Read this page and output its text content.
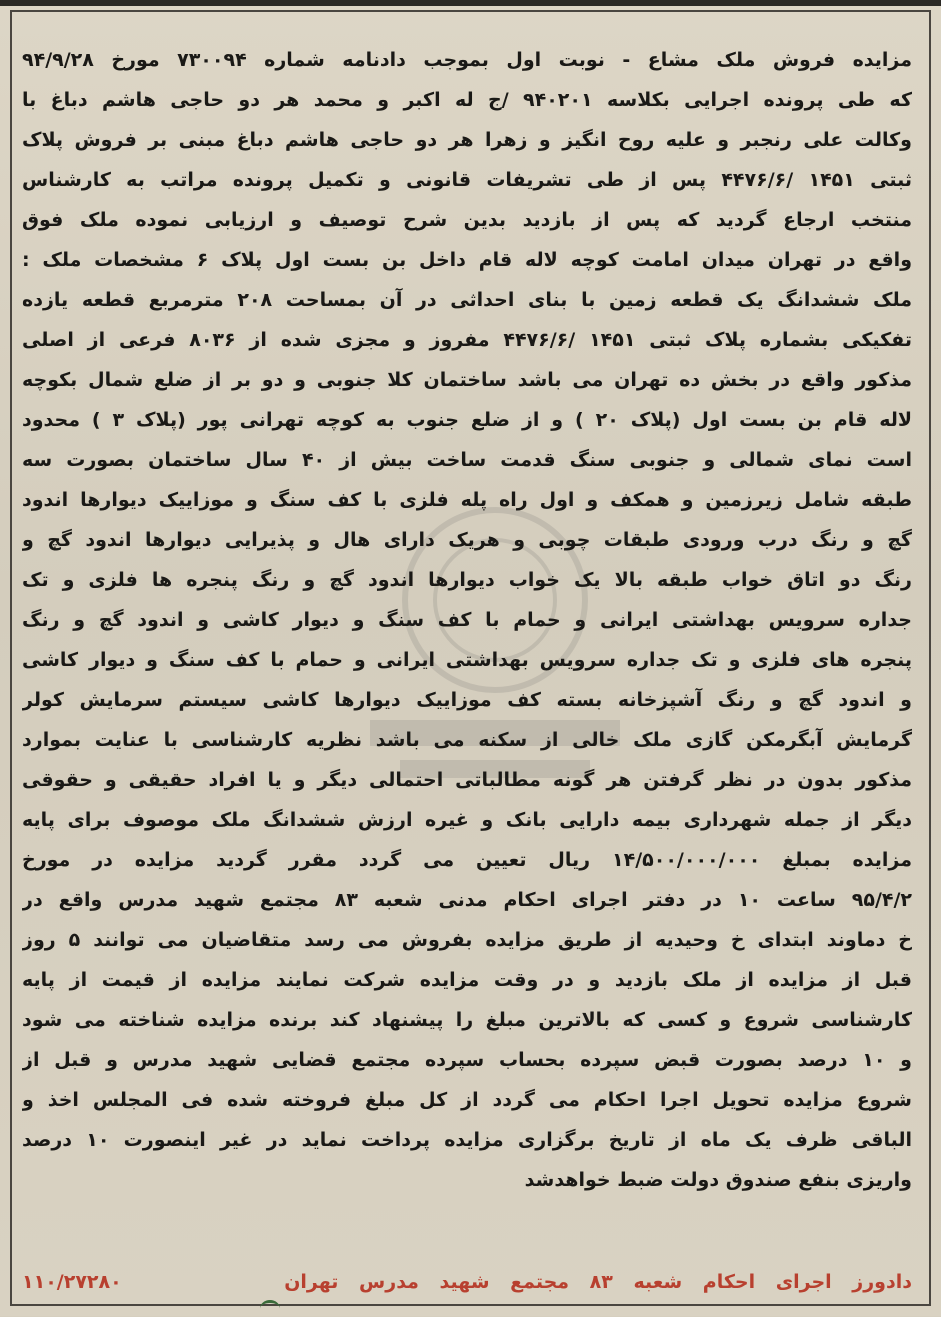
مزایده فروش ملک مشاع - نوبت اول بموجب دادنامه شماره ۷۳۰۰۹۴ مورخ ۹۴/۹/۲۸
که طی پرونده اجرایی بکلاسه ۹۴۰۲۰۱ /ج له اکبر و محمد هر دو حاجی هاشم دباغ با
وکالت علی رنجبر و علیه روح انگیز و زهرا هر دو حاجی هاشم دباغ مبنی بر فروش پلاک
ثبتی ۱۴۵۱ /۴۴۷۶/۶ پس از طی تشریفات قانونی و تکمیل پرونده مراتب به کارشناس
منتخب ارجاع گردید که پس از بازدید بدین شرح توصیف و ارزیابی نموده ملک فوق
واقع در تهران میدان امامت کوچه لاله قام داخل بن بست اول پلاک ۶ مشخصات ملک :
ملک ششدانگ یک قطعه زمین با بنای احداثی در آن بمساحت ۲۰۸ مترمربع قطعه یازده
تفکیکی بشماره پلاک ثبتی ۱۴۵۱ /۴۴۷۶/۶ مفروز و مجزی شده از ۸۰۳۶ فرعی از اصلی
مذکور واقع در بخش ده تهران می باشد ساختمان کلا جنوبی و دو بر از ضلع شمال بکوچه
لاله قام بن بست اول (پلاک ۲۰ ) و از ضلع جنوب به کوچه تهرانی پور (پلاک ۳ ) محدود
است نمای شمالی و جنوبی سنگ قدمت ساخت بیش از ۴۰ سال ساختمان بصورت سه
طبقه شامل زیرزمین و همکف و اول راه پله فلزی با کف سنگ و موزاییک دیوارها اندود
گچ و رنگ درب ورودی طبقات چوبی و هریک دارای هال و پذیرایی دیوارها اندود گچ و
رنگ دو اتاق خواب طبقه بالا یک خواب دیوارها اندود گچ و رنگ پنجره ها فلزی و تک
جداره سرویس بهداشتی ایرانی و حمام با کف سنگ و دیوار کاشی و اندود گچ و رنگ
پنجره های فلزی و تک جداره سرویس بهداشتی ایرانی و حمام با کف سنگ و دیوار کاشی
و اندود گچ و رنگ آشپزخانه بسته کف موزاییک دیوارها کاشی سیستم سرمایش کولر
گرمایش آبگرمکن گازی ملک خالی از سکنه می باشد نظریه کارشناسی با عنایت بموارد
مذکور بدون در نظر گرفتن هر گونه مطالباتی احتمالی دیگر و یا افراد حقیقی و حقوقی
دیگر از جمله شهرداری بیمه دارایی بانک و غیره ارزش ششدانگ ملک موصوف برای پایه
مزایده بمبلغ ۱۴/۵۰۰/۰۰۰/۰۰۰ ریال تعیین می گردد مقرر گردید مزایده در مورخ
۹۵/۴/۲ ساعت ۱۰ در دفتر اجرای احکام مدنی شعبه ۸۳ مجتمع شهید مدرس واقع در
خ دماوند ابتدای خ وحیدیه از طریق مزایده بفروش می رسد متقاضیان می توانند ۵ روز
قبل از مزایده از ملک بازدید و در وقت مزایده شرکت نمایند مزایده از قیمت از پایه
کارشناسی شروع و کسی که بالاترین مبلغ را پیشنهاد کند برنده مزایده شناخته می شود
و ۱۰ درصد بصورت قبض سپرده بحساب سپرده مجتمع قضایی شهید مدرس و قبل از
شروع مزایده تحویل اجرا احکام می گردد از کل مبلغ فروخته شده فی المجلس اخذ و
الباقی ظرف یک ماه از تاریخ برگزاری مزایده پرداخت نماید در غیر اینصورت ۱۰ درصد
واریزی بنفع صندوق دولت ضبط خواهدشد
دادورز اجرای احکام شعبه ۸۳ مجتمع شهید مدرس تهران
۱۱۰/۲۷۲۸۰
